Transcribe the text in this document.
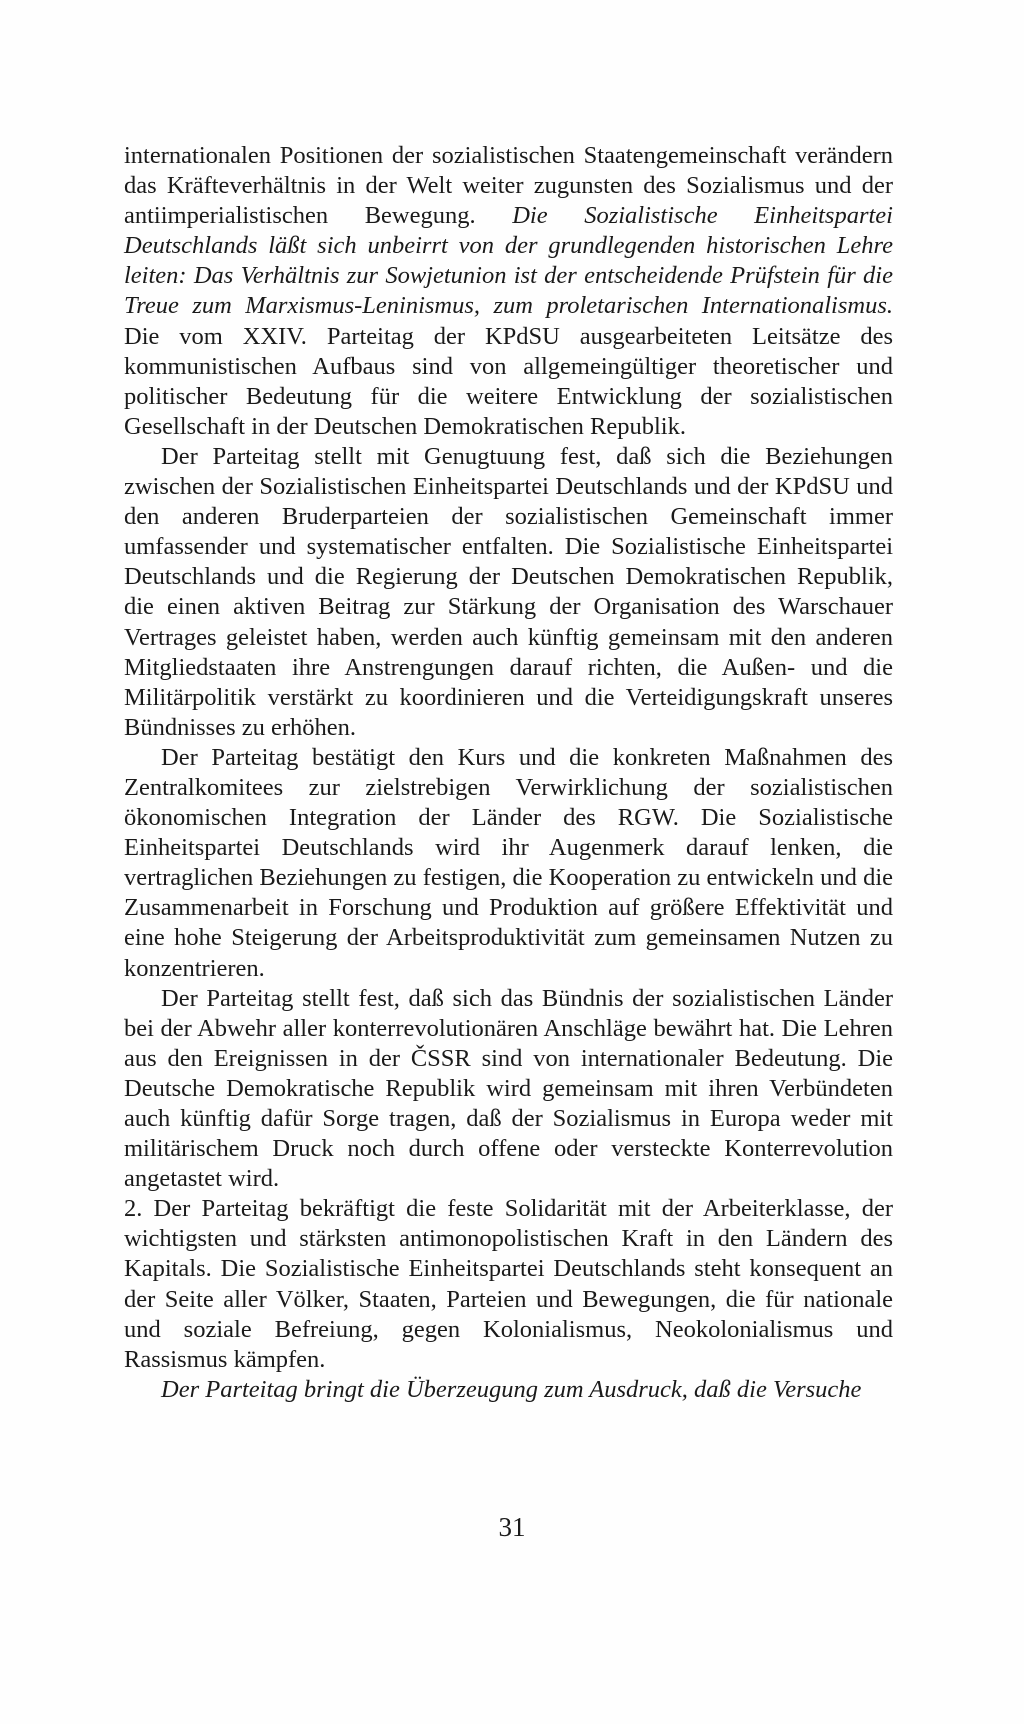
internationalen Positionen der sozialistischen Staatengemeinschaft verändern das Kräfteverhältnis in der Welt weiter zugunsten des Sozialismus und der antiimperialistischen Bewegung. Die Sozialistische Einheitspartei Deutschlands läßt sich unbeirrt von der grundlegenden historischen Lehre leiten: Das Verhältnis zur Sowjetunion ist der entscheidende Prüfstein für die Treue zum Marxismus-Leninismus, zum proletarischen Internationalismus. Die vom XXIV. Parteitag der KPdSU ausgearbeiteten Leitsätze des kommunistischen Aufbaus sind von allgemeingültiger theoretischer und politischer Bedeutung für die weitere Entwicklung der sozialistischen Gesellschaft in der Deutschen Demokratischen Republik.

Der Parteitag stellt mit Genugtuung fest, daß sich die Beziehungen zwischen der Sozialistischen Einheitspartei Deutschlands und der KPdSU und den anderen Bruderparteien der sozialistischen Gemeinschaft immer umfassender und systematischer entfalten. Die Sozialistische Einheitspartei Deutschlands und die Regierung der Deutschen Demokratischen Republik, die einen aktiven Beitrag zur Stärkung der Organisation des Warschauer Vertrages geleistet haben, werden auch künftig gemeinsam mit den anderen Mitgliedstaaten ihre Anstrengungen darauf richten, die Außen- und die Militärpolitik verstärkt zu koordinieren und die Verteidigungskraft unseres Bündnisses zu erhöhen.

Der Parteitag bestätigt den Kurs und die konkreten Maßnahmen des Zentralkomitees zur zielstrebigen Verwirklichung der sozialistischen ökonomischen Integration der Länder des RGW. Die Sozialistische Einheitspartei Deutschlands wird ihr Augenmerk darauf lenken, die vertraglichen Beziehungen zu festigen, die Kooperation zu entwickeln und die Zusammenarbeit in Forschung und Produktion auf größere Effektivität und eine hohe Steigerung der Arbeitsproduktivität zum gemeinsamen Nutzen zu konzentrieren.

Der Parteitag stellt fest, daß sich das Bündnis der sozialistischen Länder bei der Abwehr aller konterrevolutionären Anschläge bewährt hat. Die Lehren aus den Ereignissen in der ČSSR sind von internationaler Bedeutung. Die Deutsche Demokratische Republik wird gemeinsam mit ihren Verbündeten auch künftig dafür Sorge tragen, daß der Sozialismus in Europa weder mit militärischem Druck noch durch offene oder versteckte Konterrevolution angetastet wird.

2. Der Parteitag bekräftigt die feste Solidarität mit der Arbeiterklasse, der wichtigsten und stärksten antimonopolistischen Kraft in den Ländern des Kapitals. Die Sozialistische Einheitspartei Deutschlands steht konsequent an der Seite aller Völker, Staaten, Parteien und Bewegungen, die für nationale und soziale Befreiung, gegen Kolonialismus, Neokolonialismus und Rassismus kämpfen.

Der Parteitag bringt die Überzeugung zum Ausdruck, daß die Versuche

31
